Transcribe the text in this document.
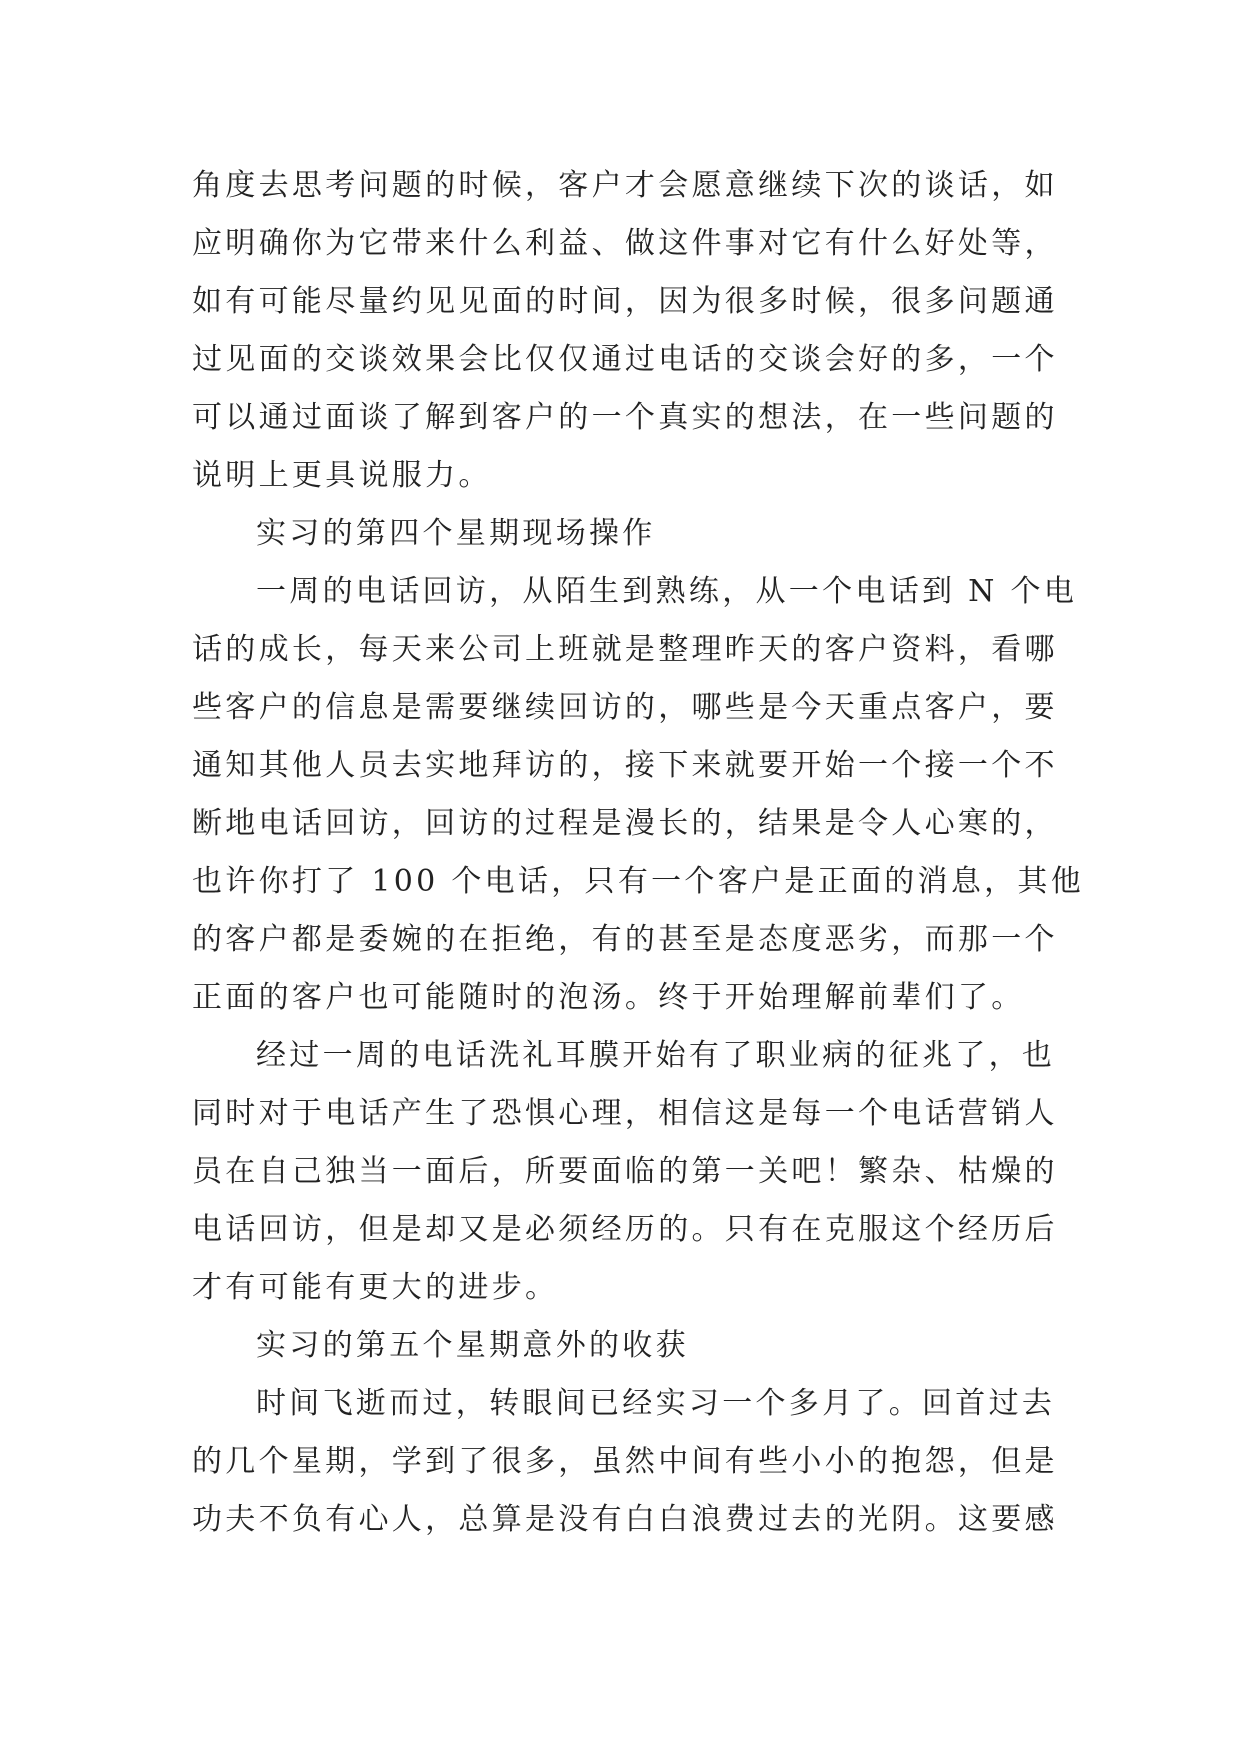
角度去思考问题的时候，客户才会愿意继续下次的谈话，如
应明确你为它带来什么利益、做这件事对它有什么好处等，
如有可能尽量约见见面的时间，因为很多时候，很多问题通
过见面的交谈效果会比仅仅通过电话的交谈会好的多，一个
可以通过面谈了解到客户的一个真实的想法，在一些问题的
说明上更具说服力。
实习的第四个星期现场操作
一周的电话回访，从陌生到熟练，从一个电话到 N 个电
话的成长，每天来公司上班就是整理昨天的客户资料，看哪
些客户的信息是需要继续回访的，哪些是今天重点客户，要
通知其他人员去实地拜访的，接下来就要开始一个接一个不
断地电话回访，回访的过程是漫长的，结果是令人心寒的，
也许你打了 100 个电话，只有一个客户是正面的消息，其他
的客户都是委婉的在拒绝，有的甚至是态度恶劣，而那一个
正面的客户也可能随时的泡汤。终于开始理解前辈们了。
经过一周的电话洗礼耳膜开始有了职业病的征兆了，也
同时对于电话产生了恐惧心理，相信这是每一个电话营销人
员在自己独当一面后，所要面临的第一关吧！繁杂、枯燥的
电话回访，但是却又是必须经历的。只有在克服这个经历后
才有可能有更大的进步。
实习的第五个星期意外的收获
时间飞逝而过，转眼间已经实习一个多月了。回首过去
的几个星期，学到了很多，虽然中间有些小小的抱怨，但是
功夫不负有心人，总算是没有白白浪费过去的光阴。这要感
